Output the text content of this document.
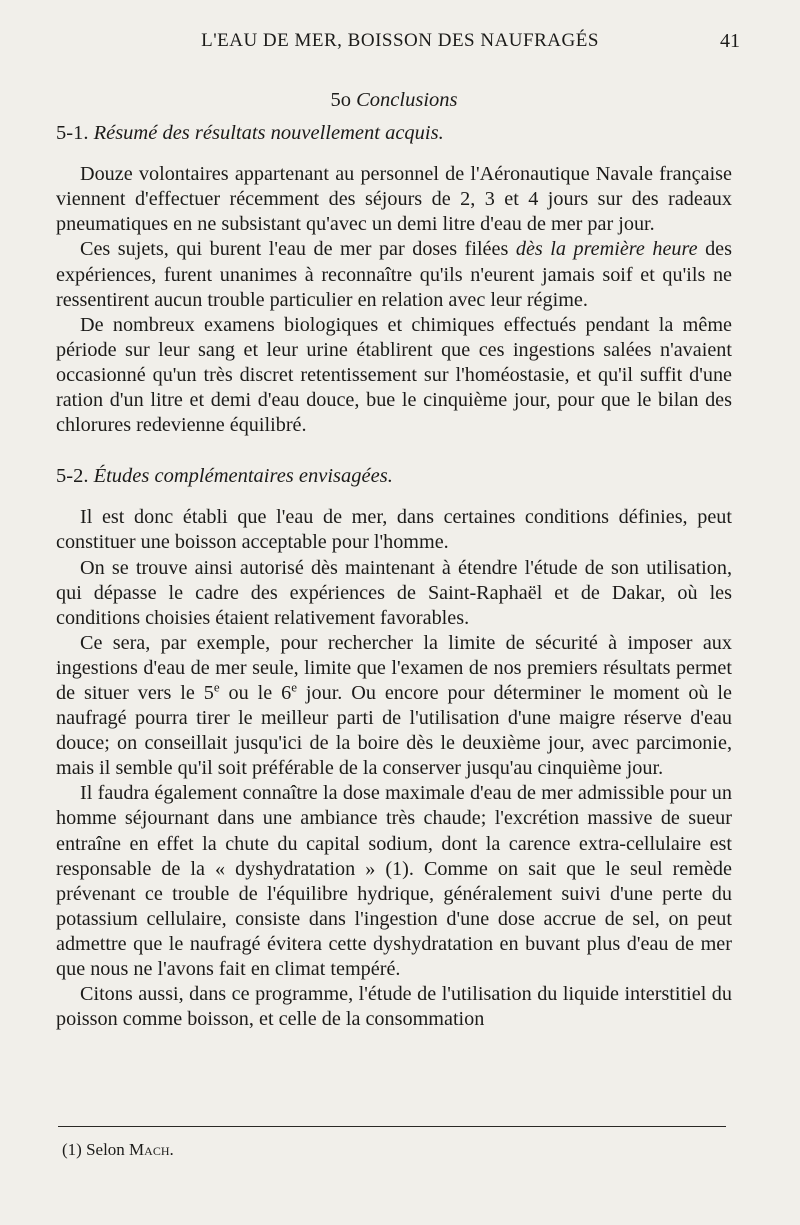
L'EAU DE MER, BOISSON DES NAUFRAGÉS	41
5o Conclusions
5-1. Résumé des résultats nouvellement acquis.

Douze volontaires appartenant au personnel de l'Aéronautique Navale française viennent d'effectuer récemment des séjours de 2, 3 et 4 jours sur des radeaux pneumatiques en ne subsistant qu'avec un demi litre d'eau de mer par jour.

Ces sujets, qui burent l'eau de mer par doses filées dès la première heure des expériences, furent unanimes à reconnaître qu'ils n'eurent jamais soif et qu'ils ne ressentirent aucun trouble particulier en relation avec leur régime.

De nombreux examens biologiques et chimiques effectués pendant la même période sur leur sang et leur urine établirent que ces ingestions salées n'avaient occasionné qu'un très discret retentissement sur l'homéostasie, et qu'il suffit d'une ration d'un litre et demi d'eau douce, bue le cinquième jour, pour que le bilan des chlorures redevienne équilibré.

5-2. Études complémentaires envisagées.

Il est donc établi que l'eau de mer, dans certaines conditions définies, peut constituer une boisson acceptable pour l'homme.

On se trouve ainsi autorisé dès maintenant à étendre l'étude de son utilisation, qui dépasse le cadre des expériences de Saint-Raphaël et de Dakar, où les conditions choisies étaient relativement favorables.

Ce sera, par exemple, pour rechercher la limite de sécurité à imposer aux ingestions d'eau de mer seule, limite que l'examen de nos premiers résultats permet de situer vers le 5e ou le 6e jour. Ou encore pour déterminer le moment où le naufragé pourra tirer le meilleur parti de l'utilisation d'une maigre réserve d'eau douce; on conseillait jusqu'ici de la boire dès le deuxième jour, avec parcimonie, mais il semble qu'il soit préférable de la conserver jusqu'au cinquième jour.

Il faudra également connaître la dose maximale d'eau de mer admissible pour un homme séjournant dans une ambiance très chaude; l'excrétion massive de sueur entraîne en effet la chute du capital sodium, dont la carence extra-cellulaire est responsable de la « dyshydratation » (1). Comme on sait que le seul remède prévenant ce trouble de l'équilibre hydrique, généralement suivi d'une perte du potassium cellulaire, consiste dans l'ingestion d'une dose accrue de sel, on peut admettre que le naufragé évitera cette dyshydratation en buvant plus d'eau de mer que nous ne l'avons fait en climat tempéré.

Citons aussi, dans ce programme, l'étude de l'utilisation du liquide interstitiel du poisson comme boisson, et celle de la consommation

(1) Selon Mach.
